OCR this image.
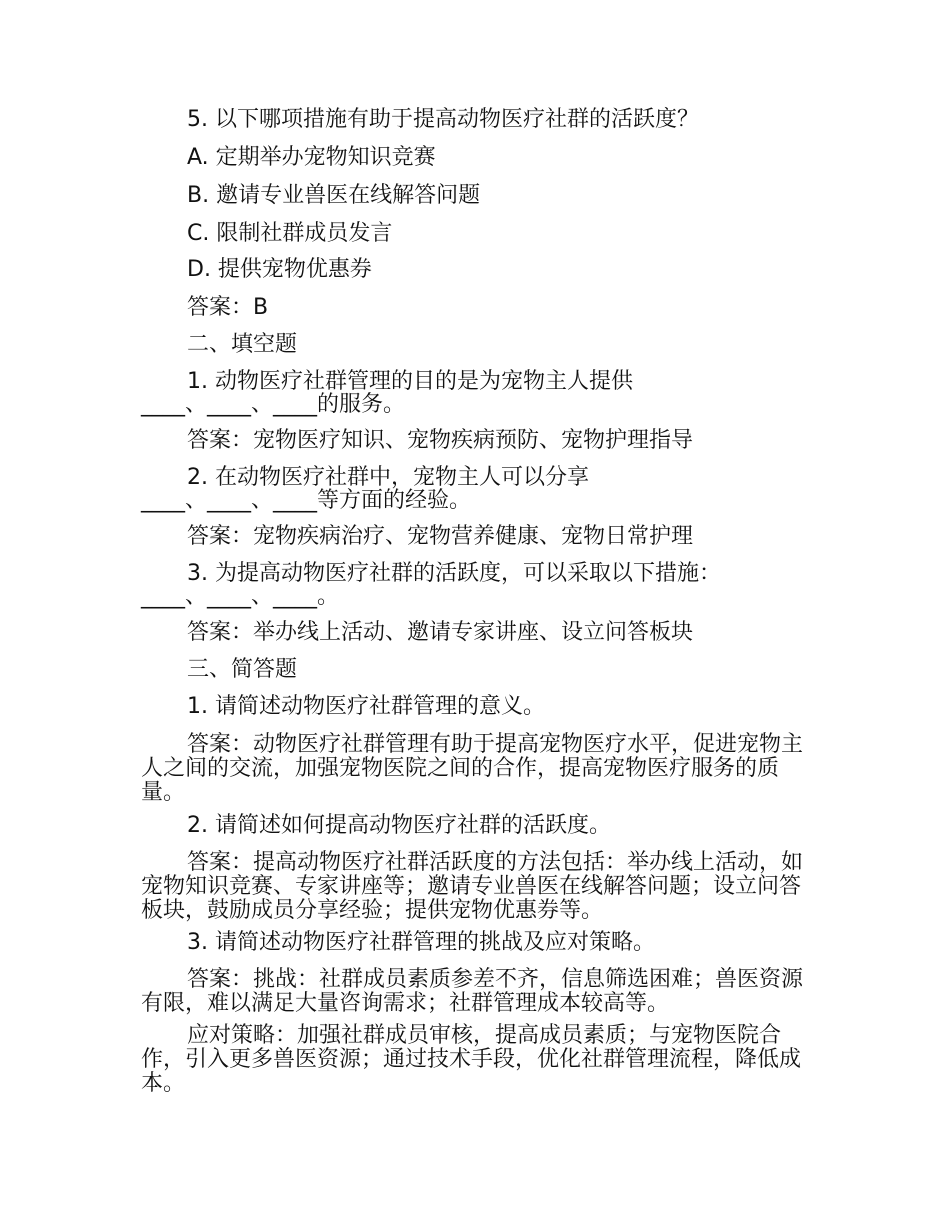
5. 以下哪项措施有助于提高动物医疗社群的活跃度？
A. 定期举办宠物知识竞赛
B. 邀请专业兽医在线解答问题
C. 限制社群成员发言
D. 提供宠物优惠券
答案：B
二、填空题
1. 动物医疗社群管理的目的是为宠物主人提供
____、____、____的服务。
答案：宠物医疗知识、宠物疾病预防、宠物护理指导
2. 在动物医疗社群中，宠物主人可以分享
____、____、____等方面的经验。
答案：宠物疾病治疗、宠物营养健康、宠物日常护理
3. 为提高动物医疗社群的活跃度，可以采取以下措施：
____、____、____。
答案：举办线上活动、邀请专家讲座、设立问答板块
三、简答题
1. 请简述动物医疗社群管理的意义。
答案：动物医疗社群管理有助于提高宠物医疗水平，促进宠物主人之间的交流，加强宠物医院之间的合作，提高宠物医疗服务的质量。
2. 请简述如何提高动物医疗社群的活跃度。
答案：提高动物医疗社群活跃度的方法包括：举办线上活动，如宠物知识竞赛、专家讲座等；邀请专业兽医在线解答问题；设立问答板块，鼓励成员分享经验；提供宠物优惠券等。
3. 请简述动物医疗社群管理的挑战及应对策略。
答案：挑战：社群成员素质参差不齐，信息筛选困难；兽医资源有限，难以满足大量咨询需求；社群管理成本较高等。
应对策略：加强社群成员审核，提高成员素质；与宠物医院合作，引入更多兽医资源；通过技术手段，优化社群管理流程，降低成本。
